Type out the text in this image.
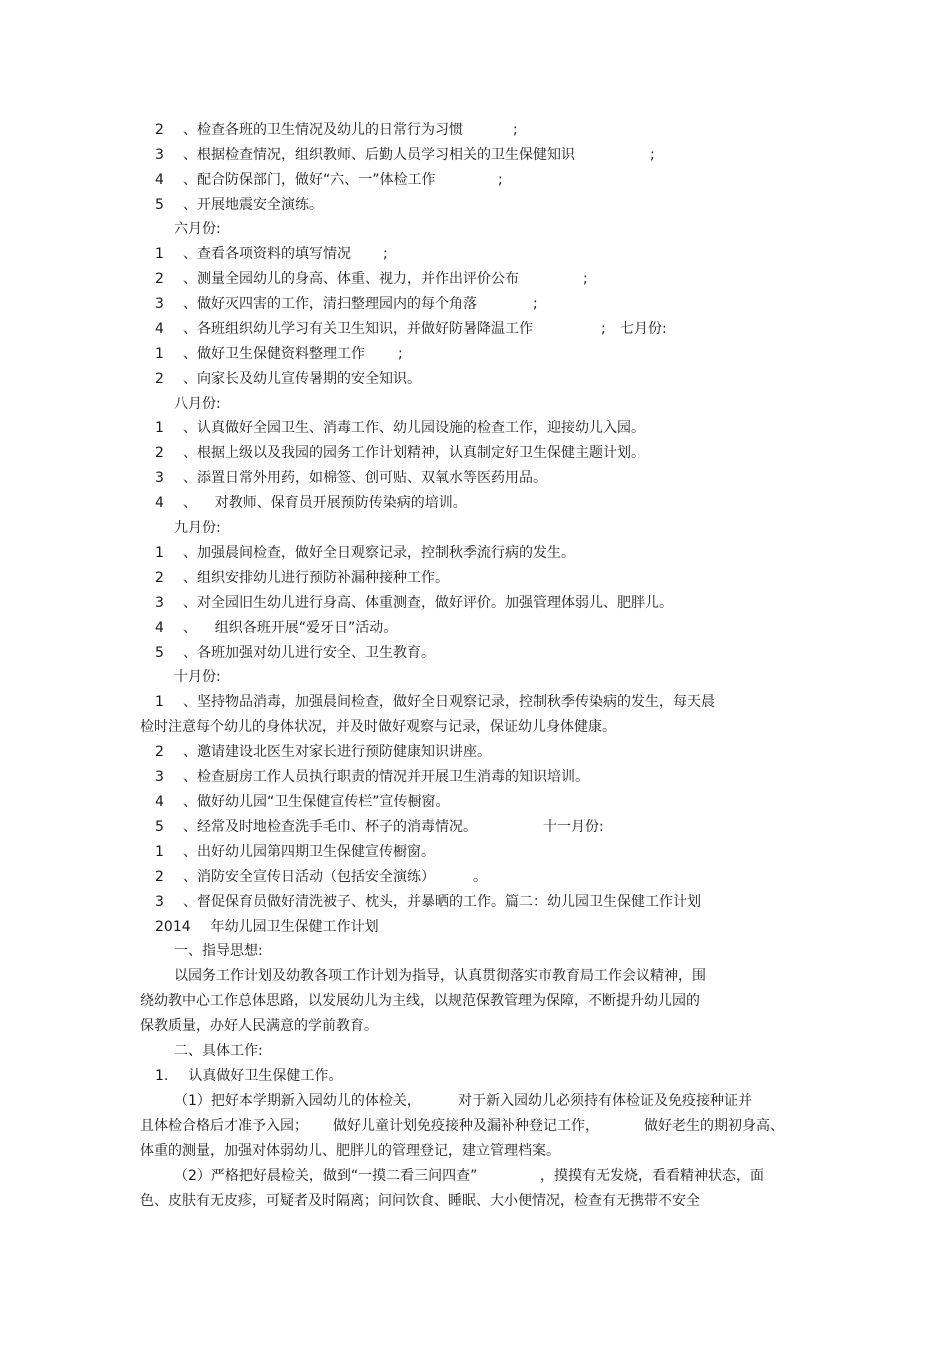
2 、检查各班的卫生情况及幼儿的日常行为习惯	;
3 、根据检查情况，组织教师、后勤人员学习相关的卫生保健知识	;
4 、配合防保部门，做好“六、一”体检工作	;
5 、开展地震安全演练。
六月份:
1 、查看各项资料的填写情况 ;
2 、测量全园幼儿的身高、体重、视力，并作出评价公布	;
3 、做好灭四害的工作，清扫整理园内的每个角落	;
4 、各班组织幼儿学习有关卫生知识，并做好防暑降温工作	; 七月份:
1 、做好卫生保健资料整理工作 ;
2 、向家长及幼儿宣传暑期的安全知识。
八月份:
1 、认真做好全园卫生、消毒工作、幼儿园设施的检查工作，迎接幼儿入园。
2 、根据上级以及我园的园务工作计划精神，认真制定好卫生保健主题计划。
3 、添置日常外用药，如棉签、创可贴、双氧水等医药用品。
4 、    对教师、保育员开展预防传染病的培训。
九月份:
1 、加强晨间检查，做好全日观察记录，控制秋季流行病的发生。
2 、组织安排幼儿进行预防补漏种接种工作。
3 、对全园旧生幼儿进行身高、体重测查，做好评价。加强管理体弱儿、肥胖儿。
4 、    组织各班开展“爱牙日”活动。
5 、各班加强对幼儿进行安全、卫生教育。
十月份:
1 、坚持物品消毒，加强晨间检查，做好全日观察记录，控制秋季传染病的发生，每天晨
检时注意每个幼儿的身体状况，并及时做好观察与记录，保证幼儿身体健康。
2 、邀请建设北医生对家长进行预防健康知识讲座。
3 、检查厨房工作人员执行职责的情况并开展卫生消毒的知识培训。
4 、做好幼儿园“卫生保健宣传栏”宣传橱窗。
5 、经常及时地检查洗手毛巾、杯子的消毒情况。	十一月份:
1 、出好幼儿园第四期卫生保健宣传橱窗。
2 、消防安全宣传日活动（包括安全演练）	。
3 、督促保育员做好清洗被子、枕头，并暴晒的工作。篇二：幼儿园卫生保健工作计划
2014 年幼儿园卫生保健工作计划
一、指导思想:
以园务工作计划及幼教各项工作计划为指导，认真贯彻落实市教育局工作会议精神，围
绕幼教中心工作总体思路，以发展幼儿为主线，以规范保教管理为保障，不断提升幼儿园的
保教质量，办好人民满意的学前教育。
二、具体工作:
1. 认真做好卫生保健工作。
（1）把好本学期新入园幼儿的体检关，	对于新入园幼儿必须持有体检证及免疫接种证并
且体检合格后才准予入园； 做好儿童计划免疫接种及漏补种登记工作，	做好老生的期初身高、
体重的测量，加强对体弱幼儿、肥胖儿的管理登记，建立管理档案。
（2）严格把好晨检关，做到“一摸二看三问四查”	，摸摸有无发烧，看看精神状态，面
色、皮肤有无皮疹，可疑者及时隔离；问问饮食、睡眠、大小便情况，检查有无携带不安全
